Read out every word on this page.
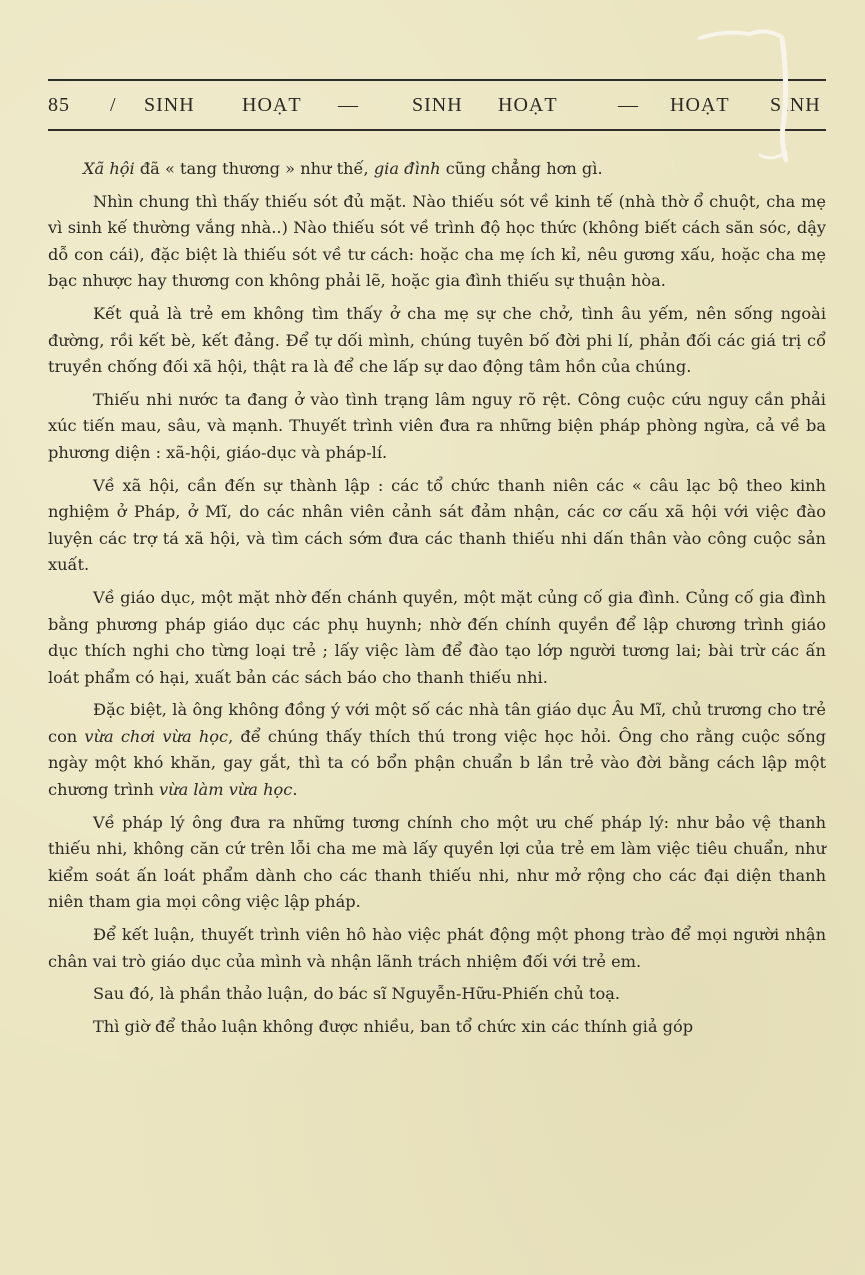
85 / SINH HOẠT —	SINH HOẠT	— HOẠT SINH

Xã hội đã « tang thương » như thế, gia đình cũng chẳng hơn gì.

Nhìn chung thì thấy thiếu sót đủ mặt. Nào thiếu sót về kinh tế (nhà thờ ổ chuột, cha mẹ vì sinh kế thường vắng nhà..) Nào thiếu sót về trình độ học thức (không biết cách săn sóc, dậy dỗ con cái), đặc biệt là thiếu sót về tư cách: hoặc cha mẹ ích kỉ, nêu gương xấu, hoặc cha mẹ bạc nhược hay thương con không phải lẽ, hoặc gia đình thiếu sự thuận hòa.

Kết quả là trẻ em không tìm thấy ở cha mẹ sự che chở, tình âu yếm, nên sống ngoài đường, rồi kết bè, kết đảng. Để tự dối mình, chúng tuyên bố đời phi lí, phản đối các giá trị cổ truyền chống đối xã hội, thật ra là để che lấp sự dao động tâm hồn của chúng.

Thiếu nhi nước ta đang ở vào tình trạng lâm nguy rõ rệt. Công cuộc cứu nguy cần phải xúc tiến mau, sâu, và mạnh. Thuyết trình viên đưa ra những biện pháp phòng ngừa, cả về ba phương diện : xã-hội, giáo-dục và pháp-lí.

Về xã hội, cần đến sự thành lập : các tổ chức thanh niên các « câu lạc bộ theo kinh nghiệm ở Pháp, ở Mĩ, do các nhân viên cảnh sát đảm nhận, các cơ cấu xã hội với việc đào luyện các trợ tá xã hội, và tìm cách sớm đưa các thanh thiếu nhi dấn thân vào công cuộc sản xuất.

Về giáo dục, một mặt nhờ đến chánh quyền, một mặt củng cố gia đình. Củng cố gia đình bằng phương pháp giáo dục các phụ huynh; nhờ đến chính quyền để lập chương trình giáo dục thích nghi cho từng loại trẻ ; lấy việc làm để đào tạo lớp người tương lai; bài trừ các ấn loát phẩm có hại, xuất bản các sách báo cho thanh thiếu nhi.

Đặc biệt, là ông không đồng ý với một số các nhà tân giáo dục Âu Mĩ, chủ trương cho trẻ con vừa chơi vừa học, để chúng thấy thích thú trong việc học hỏi. Ông cho rằng cuộc sống ngày một khó khăn, gay gắt, thì ta có bổn phận chuẩn b lần trẻ vào đời bằng cách lập một chương trình vừa làm vừa học.

Về pháp lý ông đưa ra những tương chính cho một ưu chế pháp lý: như bảo vệ thanh thiếu nhi, không căn cứ trên lỗi cha me mà lấy quyền lợi của trẻ em làm việc tiêu chuẩn, như kiểm soát ấn loát phẩm dành cho các thanh thiếu nhi, như mở rộng cho các đại diện thanh niên tham gia mọi công việc lập pháp.

Để kết luận, thuyết trình viên hô hào việc phát động một phong trào để mọi người nhận chân vai trò giáo dục của mình và nhận lãnh trách nhiệm đối với trẻ em.

Sau đó, là phần thảo luận, do bác sĩ Nguyễn-Hữu-Phiến chủ toạ.

Thì giờ để thảo luận không được nhiều, ban tổ chức xin các thính giả góp
